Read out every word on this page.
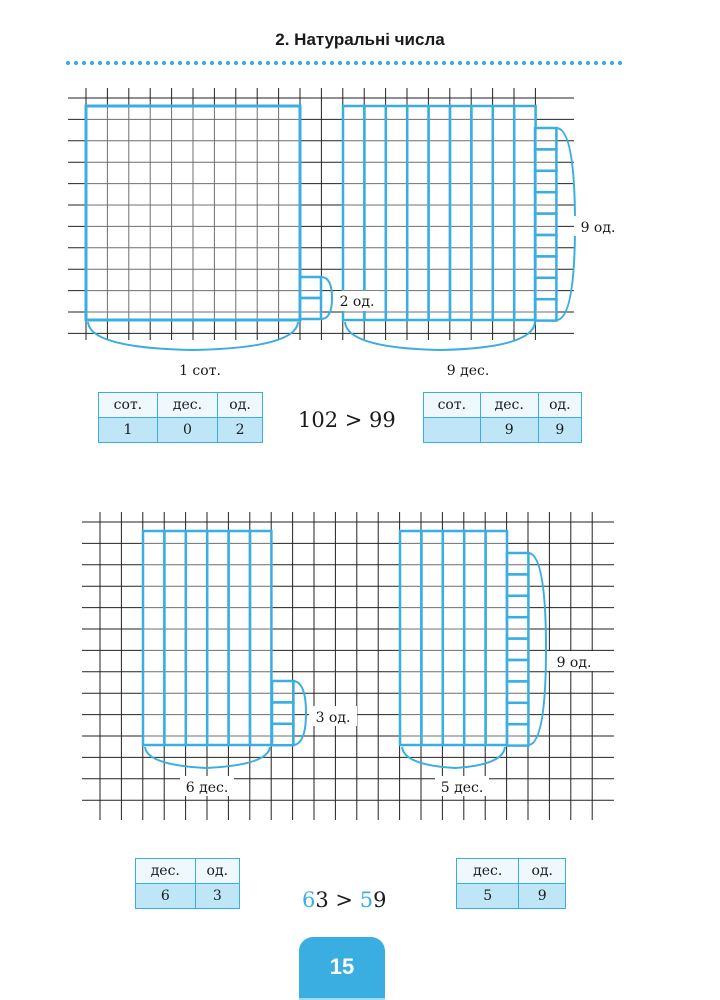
2. Натуральні числа
2 од.
9 од.
1 сот.	9 дес.
3 од.
9 од.
6 дес.	5 дес.
сот.	дес.	од.
1	0	2	102 > 99
сот.	дес.	од.
	9	9
дес.	од.
6	3	63 > 59
дес.	од.
5	9
15
